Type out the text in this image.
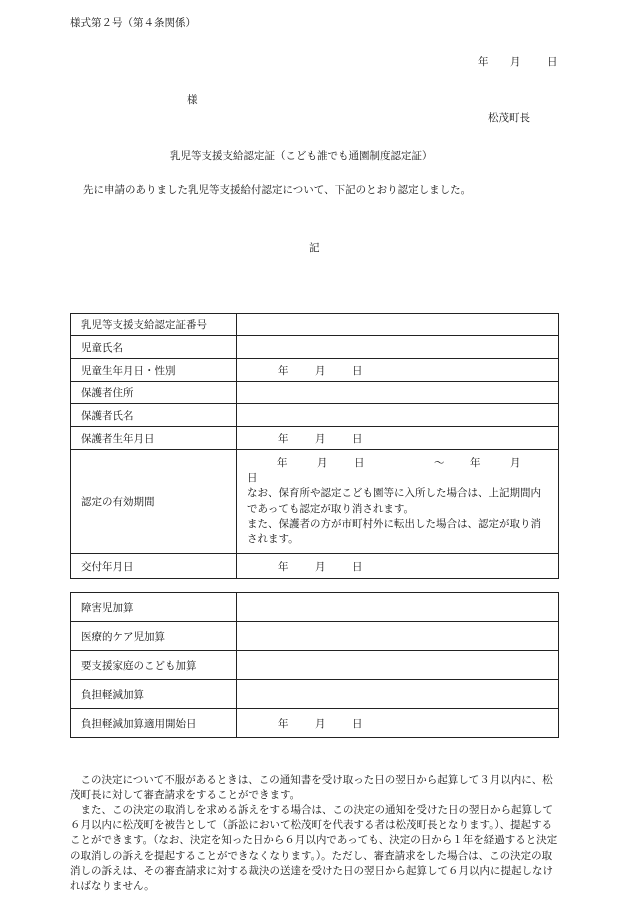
様式第２号（第４条関係）
年 月	日
様
松茂町長
乳児等支援支給認定証（こども誰でも通園制度認定証）
先に申請のありました乳児等支援給付認定について、下記のとおり認定しました。
記
乳児等支援支給認定証番号	
児童氏名	
児童生年月日・性別	年 月 日
保護者住所	
保護者氏名	
保護者生年月日	年 月 日
認定の有効期間	年 月 日 〜 年 月日
なお、保育所や認定こども園等に入所した場合は、上記期間内であっても認定が取り消されます。
また、保護者の方が市町村外に転出した場合は、認定が取り消されます。

交付年月日	年 月 日
障害児加算	
医療的ケア児加算	
要支援家庭のこども加算	
負担軽減加算	
負担軽減加算適用開始日	年 月 日

この決定について不服があるときは、この通知書を受け取った日の翌日から起算して３月以内に、松茂町長に対して審査請求をすることができます。

また、この決定の取消しを求める訴えをする場合は、この決定の通知を受けた日の翌日から起算して６月以内に松茂町を被告として（訴訟において松茂町を代表する者は松茂町長となります。）、提起することができます。（なお、決定を知った日から６月以内であっても、決定の日から１年を経過すると決定の取消しの訴えを提起することができなくなります。）。ただし、審査請求をした場合は、この決定の取消しの訴えは、その審査請求に対する裁決の送達を受けた日の翌日から起算して６月以内に提起しなければなりません。
